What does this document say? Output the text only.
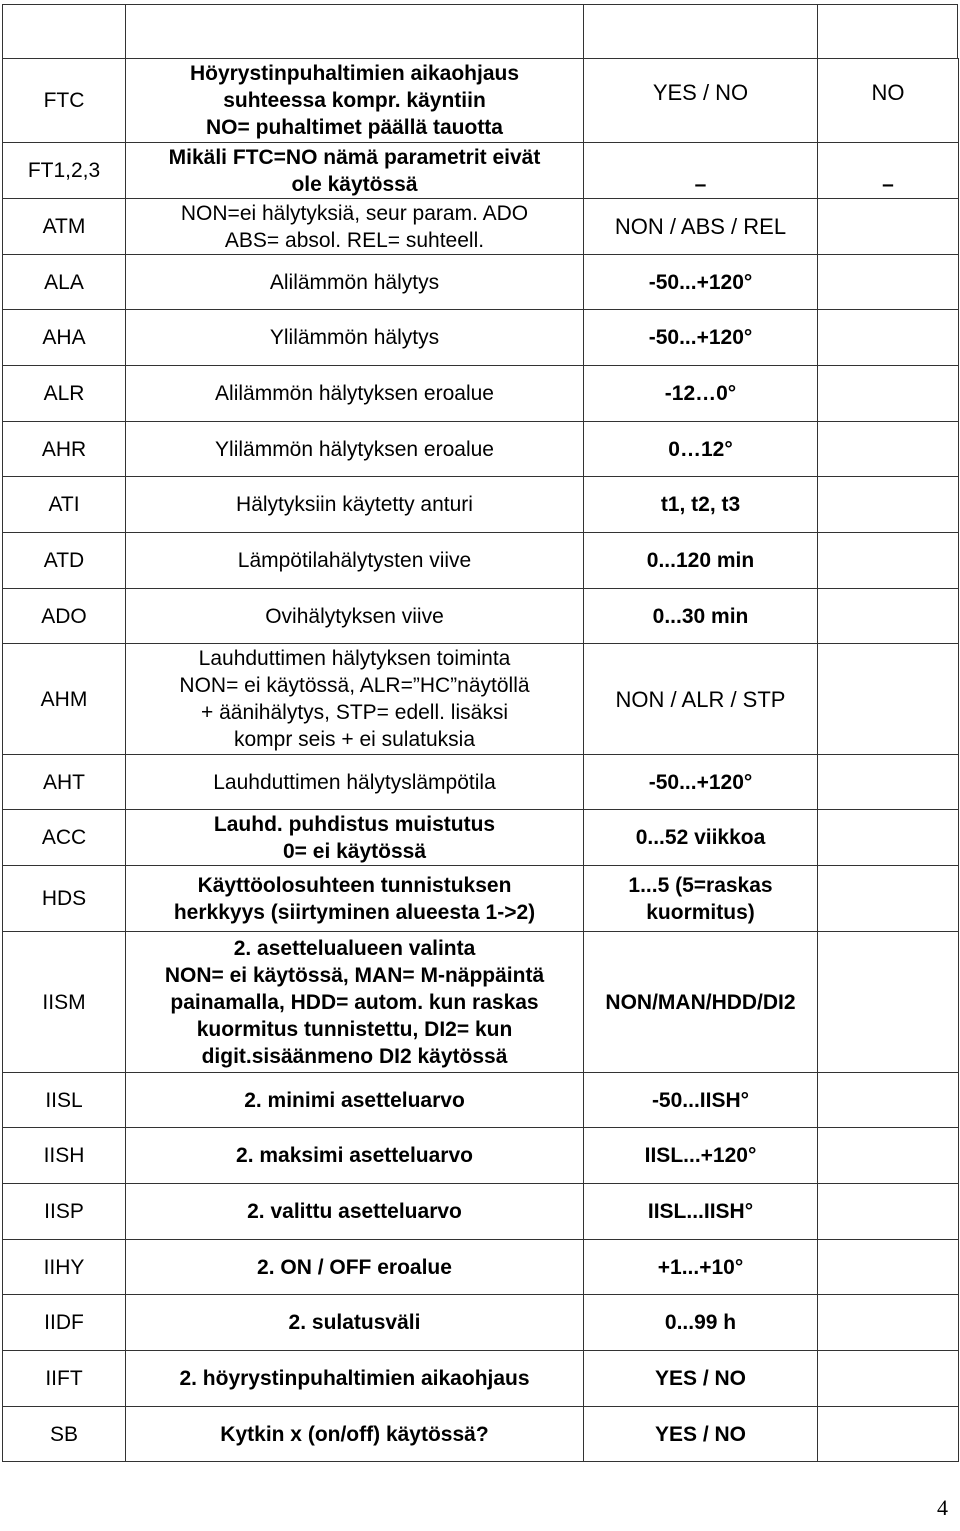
FTC	Höyrystinpuhaltimien aikaohjaus
suhteessa kompr. käyntiin
NO= puhaltimet päällä tauotta	YES / NO	NO
FT1,2,3	Mikäli FTC=NO nämä parametrit eivät
ole käytössä	–	–
ATM	NON=ei hälytyksiä, seur param. ADO
ABS= absol. REL= suhteell.	NON / ABS / REL	
ALA	Alilämmön hälytys	-50...+120°	
AHA	Ylilämmön hälytys	-50...+120°	
ALR	Alilämmön hälytyksen eroalue	-12…0°	
AHR	Ylilämmön hälytyksen eroalue	0…12°	
ATI	Hälytyksiin käytetty anturi	t1, t2, t3	
ATD	Lämpötilahälytysten viive	0...120 min	
ADO	Ovihälytyksen viive	0...30 min	
AHM	Lauhduttimen hälytyksen toiminta
NON= ei käytössä, ALR=”HC”näytöllä
+ äänihälytys, STP= edell. lisäksi
kompr seis + ei sulatuksia	NON / ALR / STP	
AHT	Lauhduttimen hälytyslämpötila	-50...+120°	
ACC	Lauhd. puhdistus muistutus
0= ei käytössä	0...52 viikkoa	
HDS	Käyttöolosuhteen tunnistuksen
herkkyys (siirtyminen alueesta 1->2)	1...5 (5=raskas kuormitus)	
IISM	2. asettelualueen valinta
NON= ei käytössä, MAN= M-näppäintä
painamalla, HDD= autom. kun raskas
kuormitus tunnistettu, DI2= kun
digit.sisäänmeno DI2 käytössä	NON/MAN/HDD/DI2	
IISL	2. minimi asetteluarvo	-50...IISH°	
IISH	2. maksimi asetteluarvo	IISL...+120°	
IISP	2. valittu asetteluarvo	IISL...IISH°	
IIHY	2. ON / OFF eroalue	+1...+10°	
IIDF	2. sulatusväli	0...99 h	
IIFT	2. höyrystinpuhaltimien aikaohjaus	YES / NO	
SB	Kytkin x (on/off) käytössä?	YES / NO	
4
